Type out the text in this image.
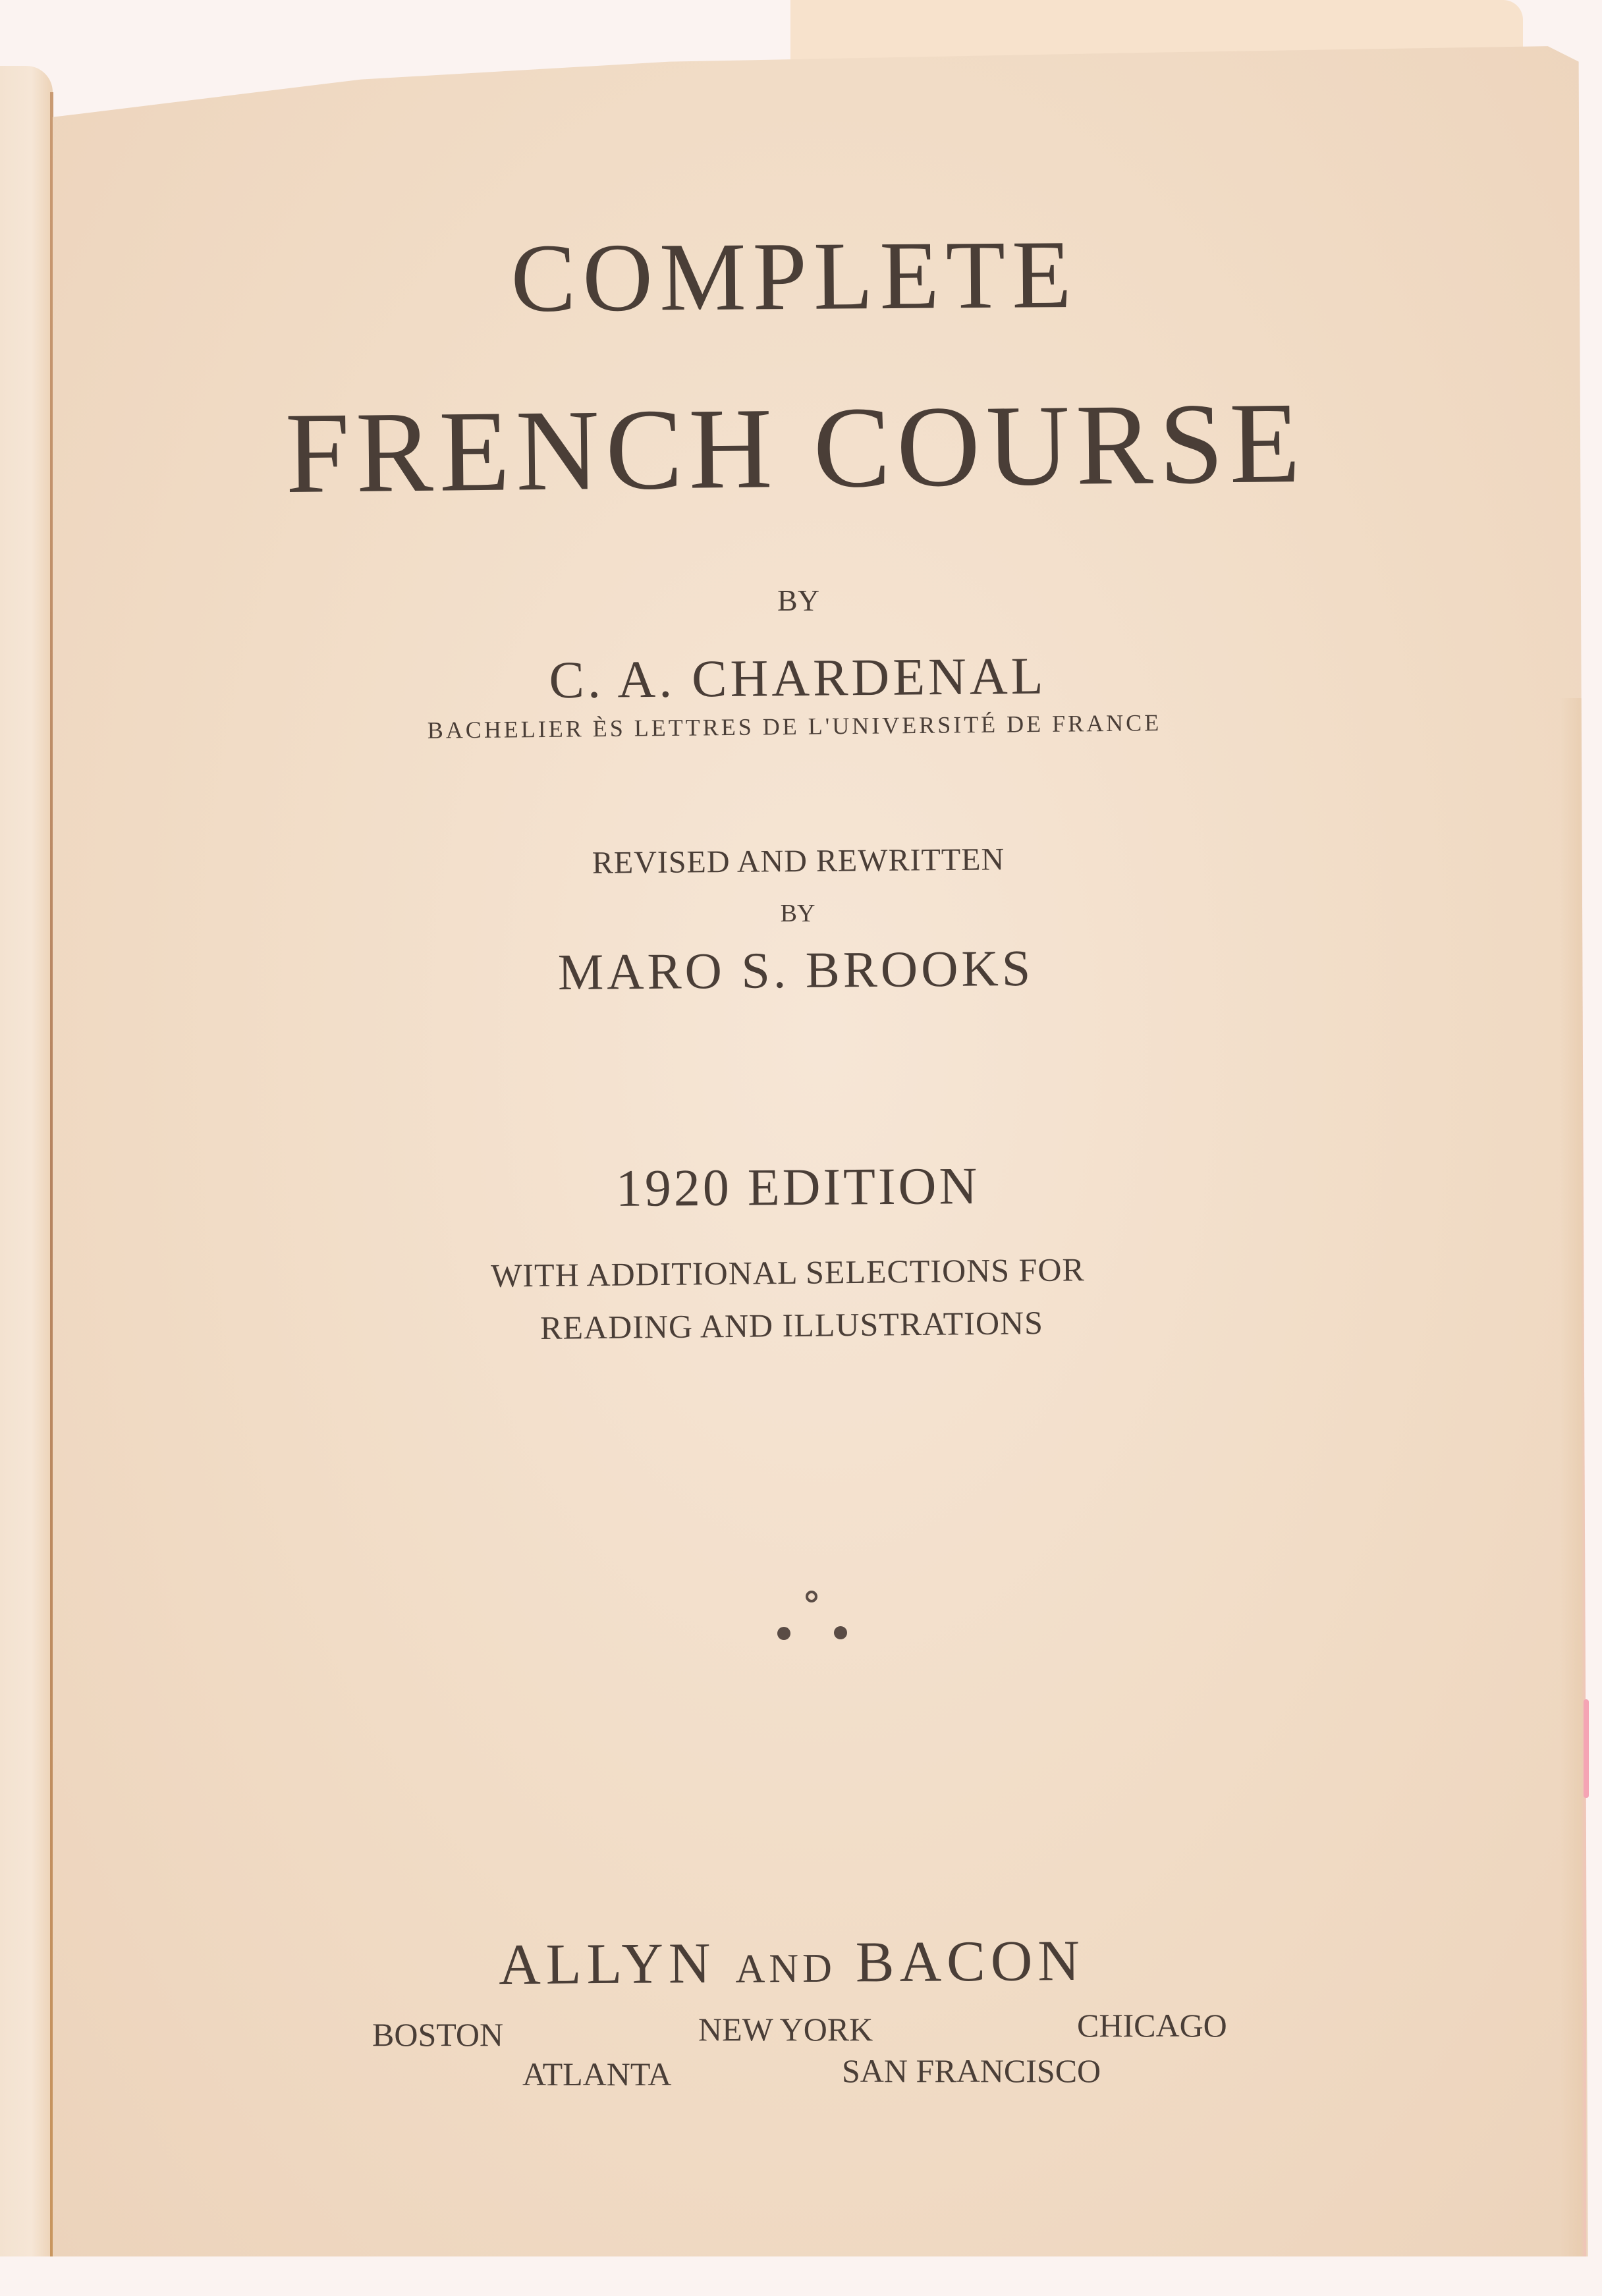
COMPLETE
FRENCH COURSE
BY
C. A. CHARDENAL
BACHELIER ÈS LETTRES DE L'UNIVERSITÉ DE FRANCE
REVISED AND REWRITTEN
BY
MARO S. BROOKS
1920 EDITION
WITH ADDITIONAL SELECTIONS FOR
READING AND ILLUSTRATIONS
ALLYN AND BACON
BOSTON	NEW YORK	CHICAGO
ATLANTA	SAN FRANCISCO
